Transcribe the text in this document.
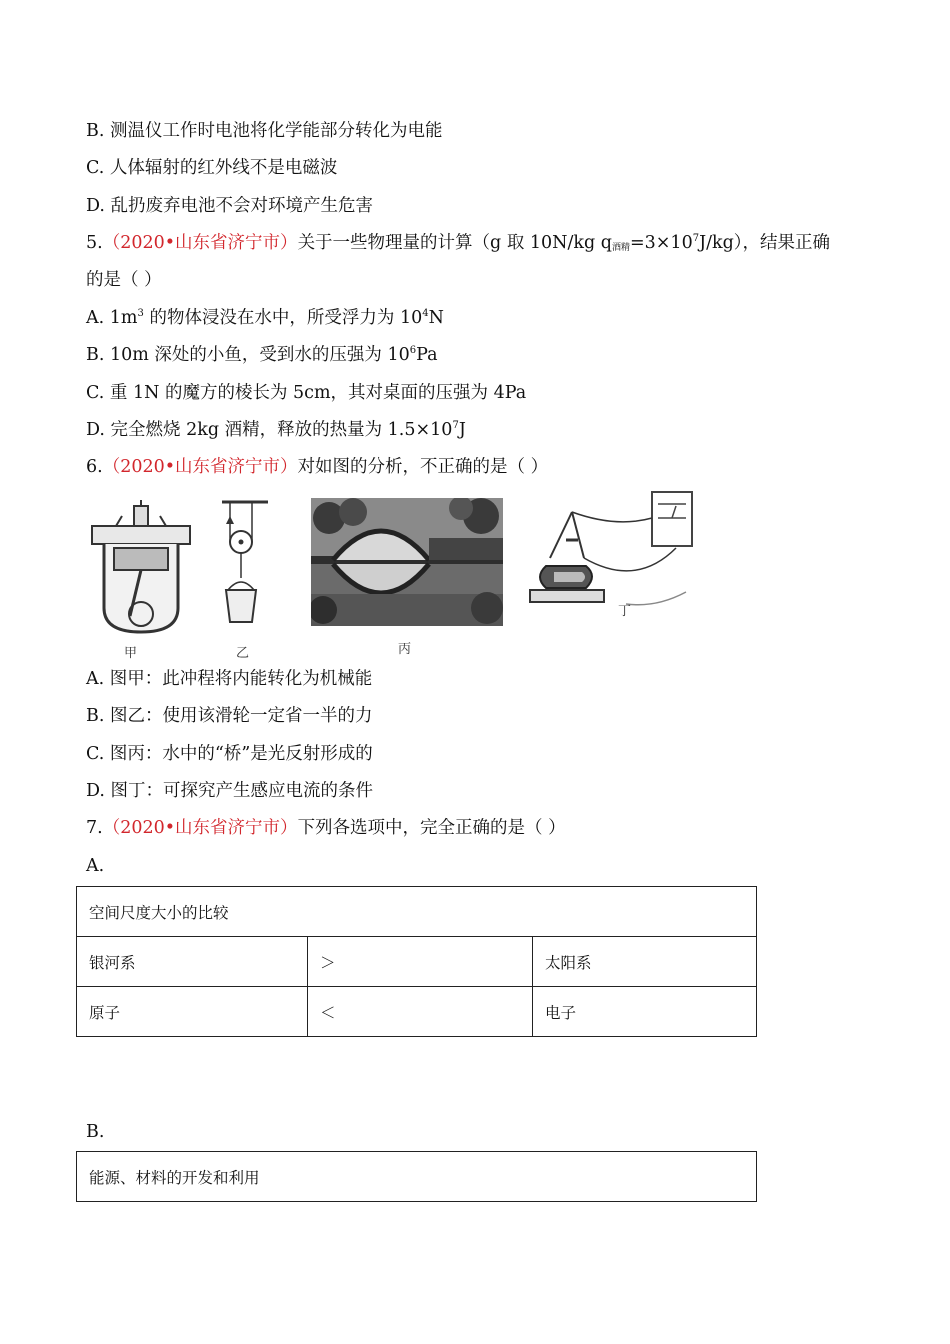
B. 测温仪工作时电池将化学能部分转化为电能
C. 人体辐射的红外线不是电磁波
D. 乱扔废弃电池不会对环境产生危害
5.（2020•山东省济宁市）关于一些物理量的计算（g 取 10N/kg $q_{酒精}=3\times 10^7J/kg$），结果正确
的是（ ）
A. $1m^3$ 的物体浸没在水中，所受浮力为 $10^4N$
B. 10m 深处的小鱼，受到水的压强为 $10^6Pa$
C. 重 1N 的魔方的棱长为 5cm，其对桌面的压强为 4Pa
D. 完全燃烧 2kg 酒精，释放的热量为 $1.5\times 10^7J$
6.（2020•山东省济宁市）对如图的分析，不正确的是（ ）
甲	乙	丙
丁
A. 图甲：此冲程将内能转化为机械能
B. 图乙：使用该滑轮一定省一半的力
C. 图丙：水中的“桥”是光反射形成的
D. 图丁：可探究产生感应电流的条件
7.（2020•山东省济宁市）下列各选项中，完全正确的是（ ）
A.
空间尺度大小的比较		
银河系	＞	太阳系
原子	＜	电子
B.
能源、材料的开发和利用
